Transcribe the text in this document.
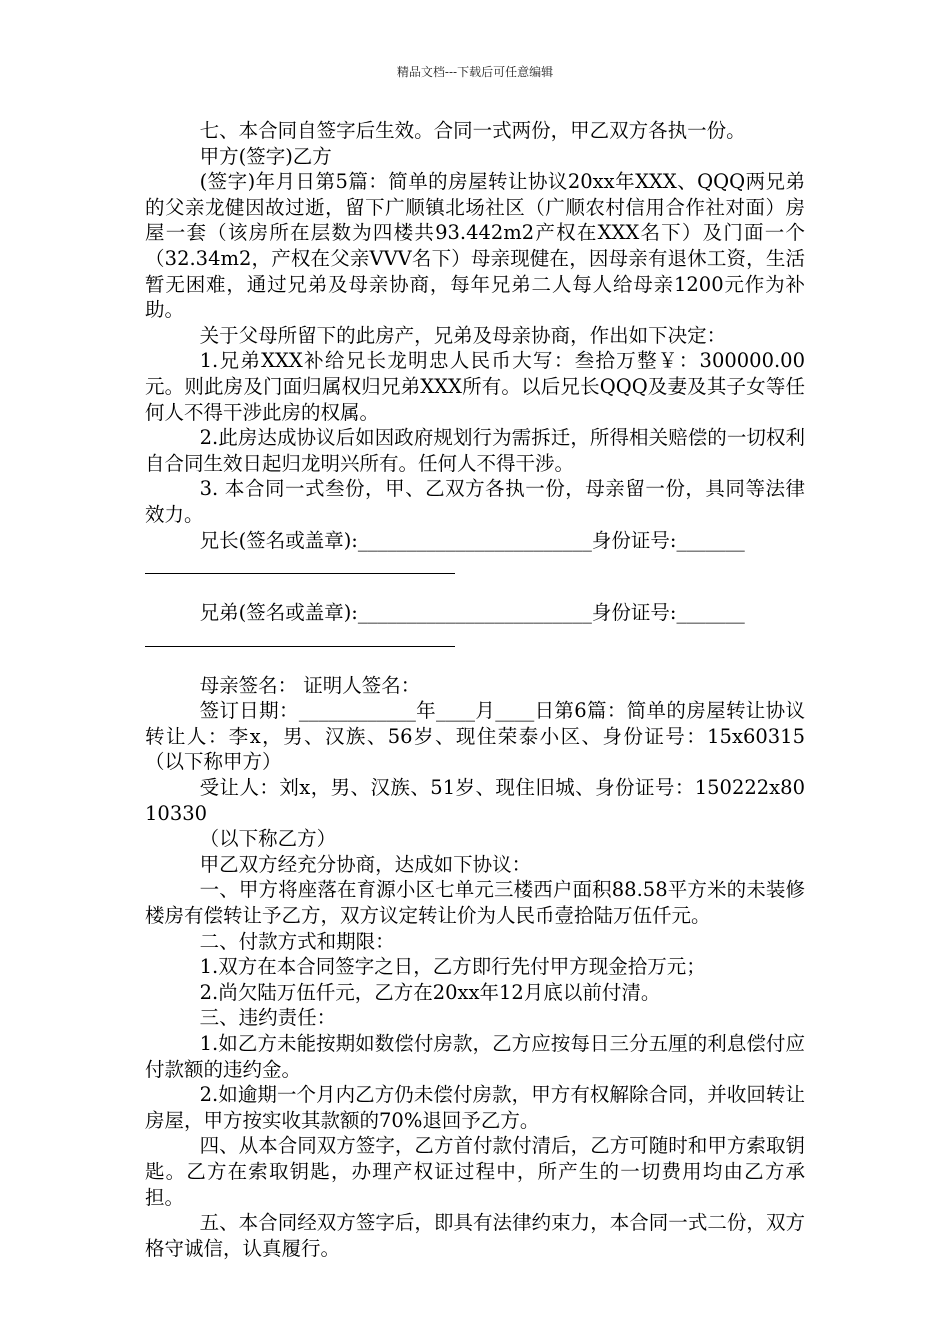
精品文档---下载后可任意编辑

七、本合同自签字后生效。合同一式两份，甲乙双方各执一份。

甲方(签字)乙方

(签字)年月日第5篇：简单的房屋转让协议20xx年XXX、QQQ两兄弟的父亲龙健因故过逝，留下广顺镇北场社区（广顺农村信用合作社对面）房屋一套（该房所在层数为四楼共93.442m2产权在XXX名下）及门面一个（32.34m2，产权在父亲VVV名下）母亲现健在，因母亲有退休工资，生活暂无困难，通过兄弟及母亲协商，每年兄弟二人每人给母亲1200元作为补助。

关于父母所留下的此房产，兄弟及母亲协商，作出如下决定：

1.兄弟XXX补给兄长龙明忠人民币大写：叁拾万整￥：300000.00元。则此房及门面归属权归兄弟XXX所有。以后兄长QQQ及妻及其子女等任何人不得干涉此房的权属。

2.此房达成协议后如因政府规划行为需拆迁，所得相关赔偿的一切权利自合同生效日起归龙明兴所有。任何人不得干涉。

3. 本合同一式叁份，甲、乙双方各执一份，母亲留一份，具同等法律效力。

兄长(签名或盖章):________________________身份证号:_______

兄弟(签名或盖章):________________________身份证号:_______

母亲签名： 证明人签名：

签订日期：____________年____月____日第6篇：简单的房屋转让协议转让人：李x，男、汉族、56岁、现住荣泰小区、身份证号：15x60315（以下称甲方）

受让人：刘x，男、汉族、51岁、现住旧城、身份证号：150222x8010330

（以下称乙方）

甲乙双方经充分协商，达成如下协议：

一、甲方将座落在育源小区七单元三楼西户面积88.58平方米的未装修楼房有偿转让予乙方，双方议定转让价为人民币壹拾陆万伍仟元。

二、付款方式和期限：

1.双方在本合同签字之日，乙方即行先付甲方现金拾万元；

2.尚欠陆万伍仟元，乙方在20xx年12月底以前付清。

三、违约责任：

1.如乙方未能按期如数偿付房款，乙方应按每日三分五厘的利息偿付应付款额的违约金。

2.如逾期一个月内乙方仍未偿付房款，甲方有权解除合同，并收回转让房屋，甲方按实收其款额的70%退回予乙方。

四、从本合同双方签字，乙方首付款付清后，乙方可随时和甲方索取钥匙。乙方在索取钥匙，办理产权证过程中，所产生的一切费用均由乙方承担。

五、本合同经双方签字后，即具有法律约束力，本合同一式二份，双方格守诚信，认真履行。
